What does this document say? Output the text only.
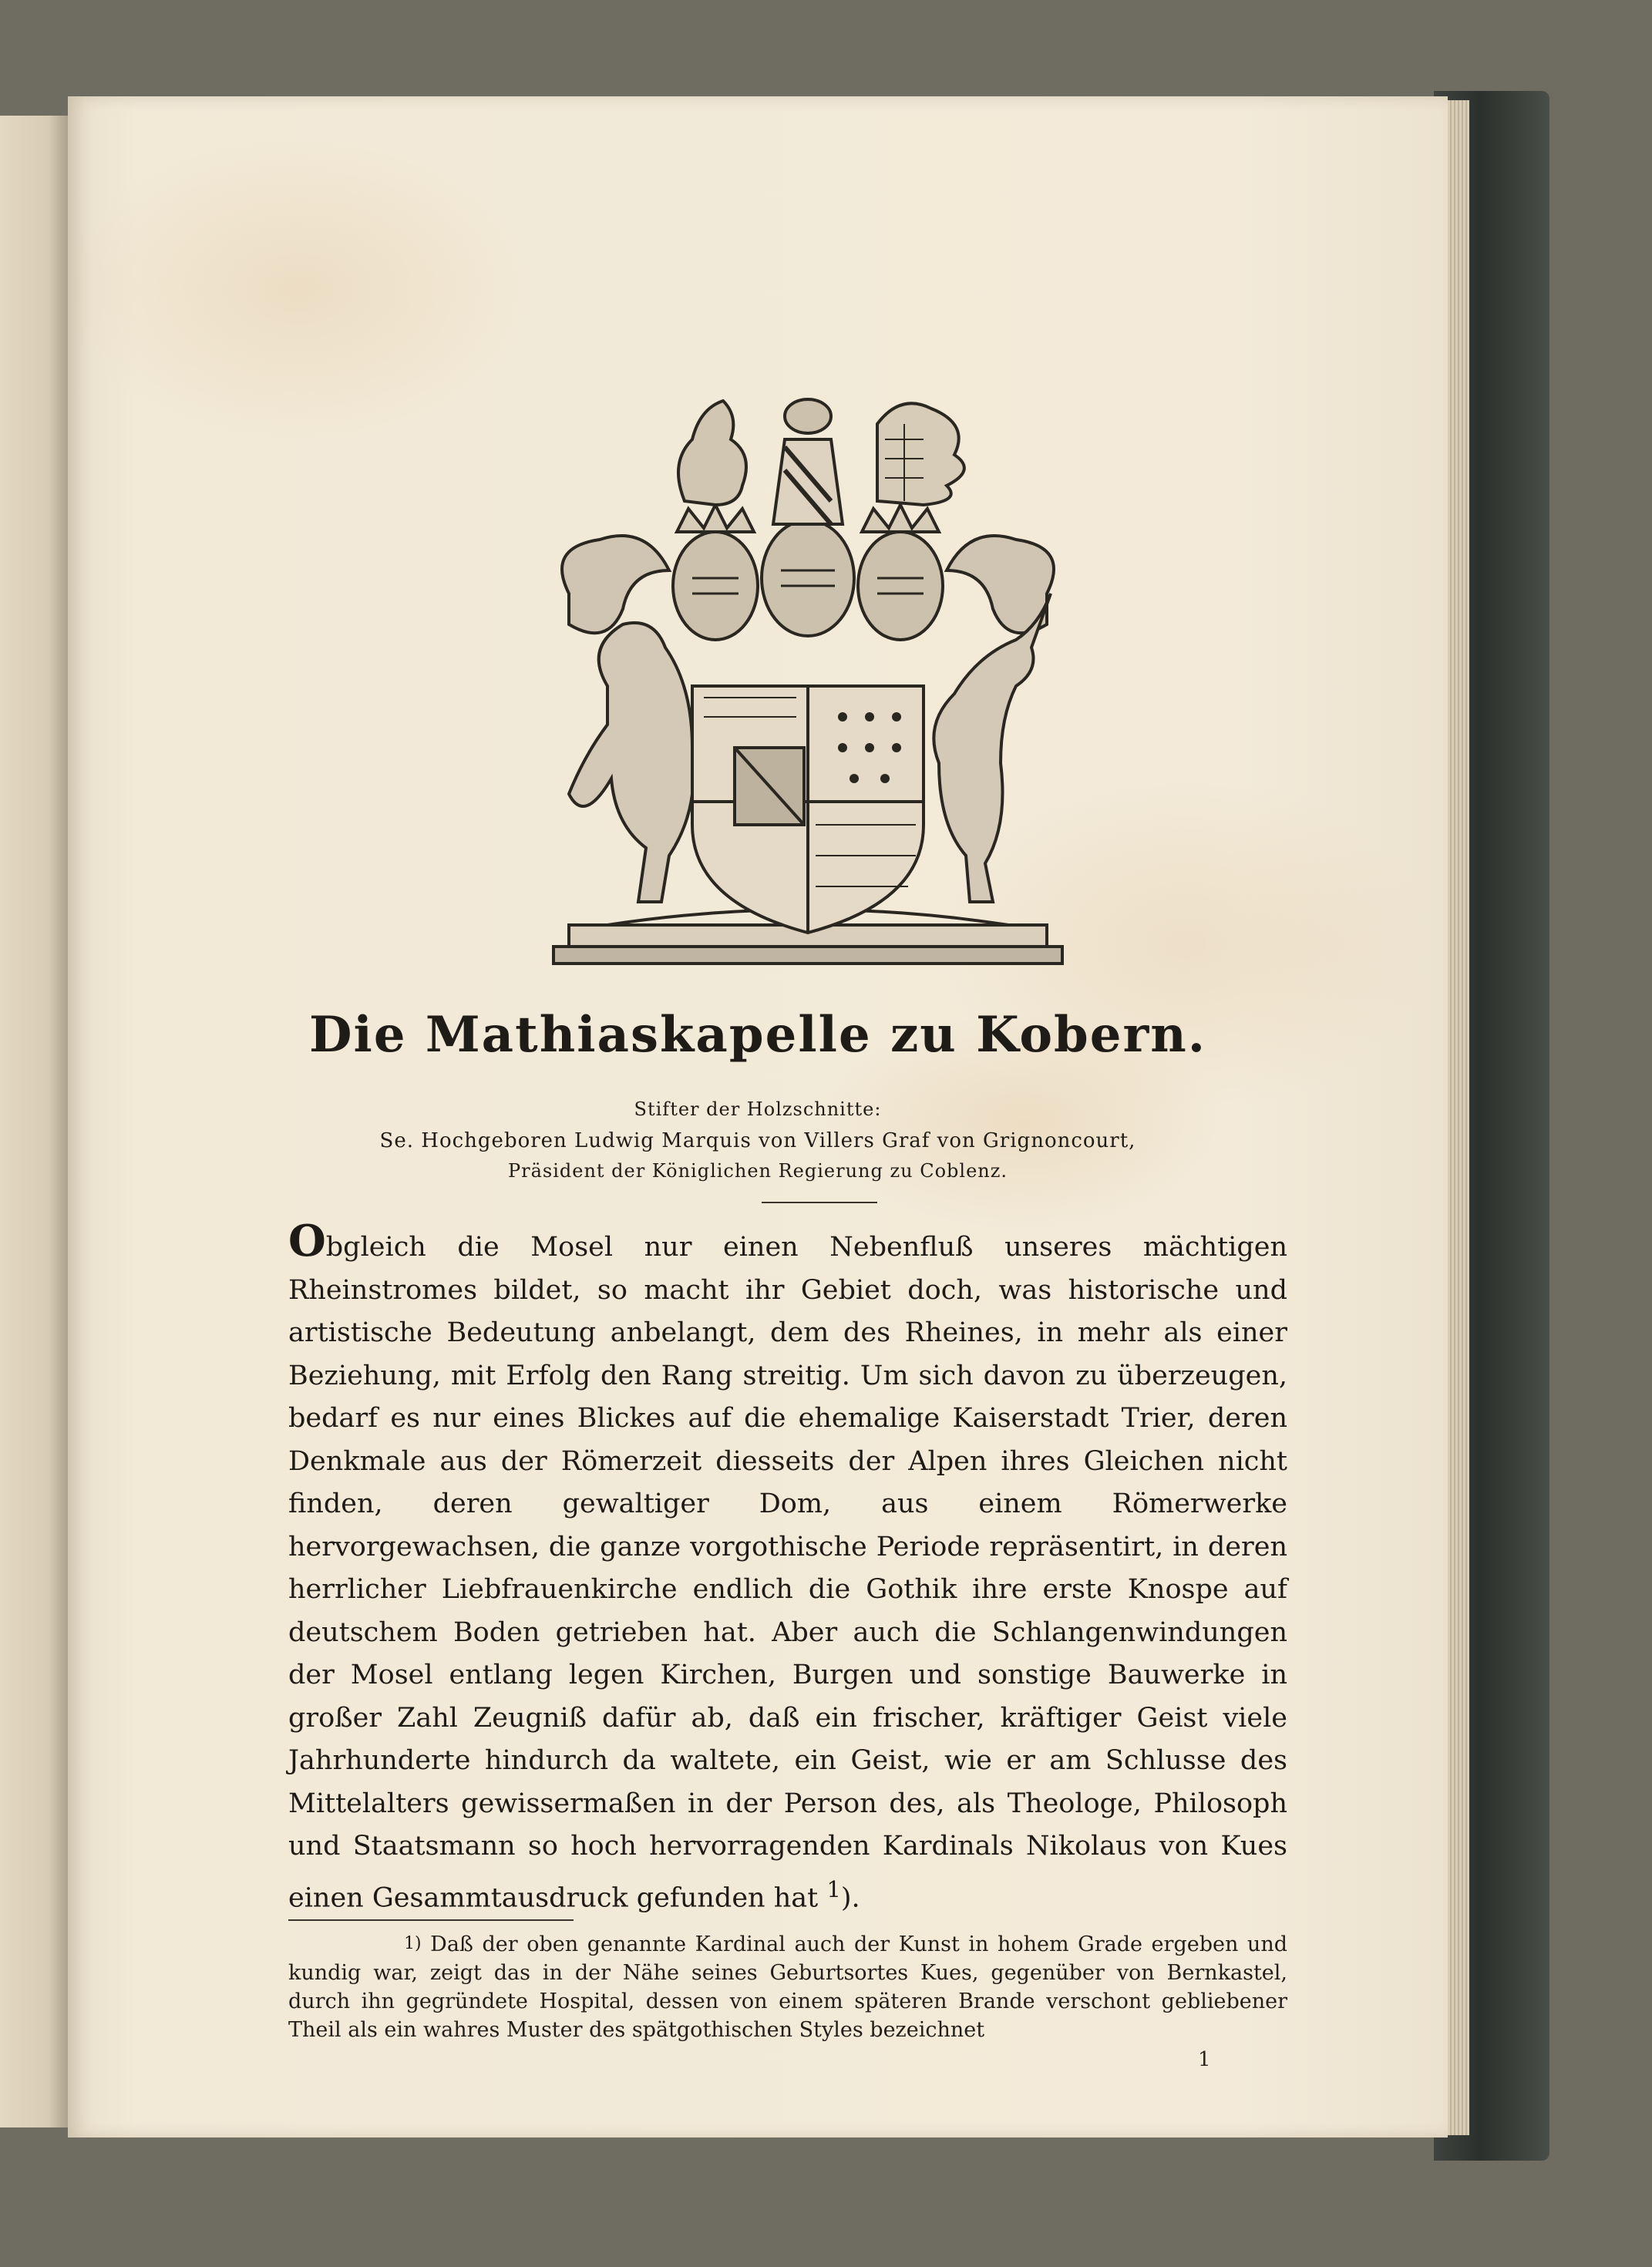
Die Mathiaskapelle zu Kobern.
Stifter der Holzschnitte:
Se. Hochgeboren Ludwig Marquis von Villers Graf von Grignoncourt,
Präsident der Königlichen Regierung zu Coblenz.

Obgleich die Mosel nur einen Nebenfluß unseres mächtigen Rheinstromes bildet, so macht ihr Gebiet doch, was historische und artistische Bedeutung anbelangt, dem des Rheines, in mehr als einer Beziehung, mit Erfolg den Rang streitig. Um sich davon zu überzeugen, bedarf es nur eines Blickes auf die ehemalige Kaiserstadt Trier, deren Denkmale aus der Römerzeit diesseits der Alpen ihres Gleichen nicht finden, deren gewaltiger Dom, aus einem Römerwerke hervorgewachsen, die ganze vorgothische Periode repräsentirt, in deren herrlicher Liebfrauenkirche endlich die Gothik ihre erste Knospe auf deutschem Boden getrieben hat. Aber auch die Schlangenwindungen der Mosel entlang legen Kirchen, Burgen und sonstige Bauwerke in großer Zahl Zeugniß dafür ab, daß ein frischer, kräftiger Geist viele Jahrhunderte hindurch da waltete, ein Geist, wie er am Schlusse des Mittelalters gewissermaßen in der Person des, als Theologe, Philosoph und Staatsmann so hoch hervorragenden Kardinals Nikolaus von Kues einen Gesammtausdruck gefunden hat $^1$).

1) Daß der oben genannte Kardinal auch der Kunst in hohem Grade ergeben und kundig war, zeigt das in der Nähe seines Geburtsortes Kues, gegenüber von Bernkastel, durch ihn gegründete Hospital, dessen von einem späteren Brande verschont gebliebener Theil als ein wahres Muster des spätgothischen Styles bezeichnet

1
